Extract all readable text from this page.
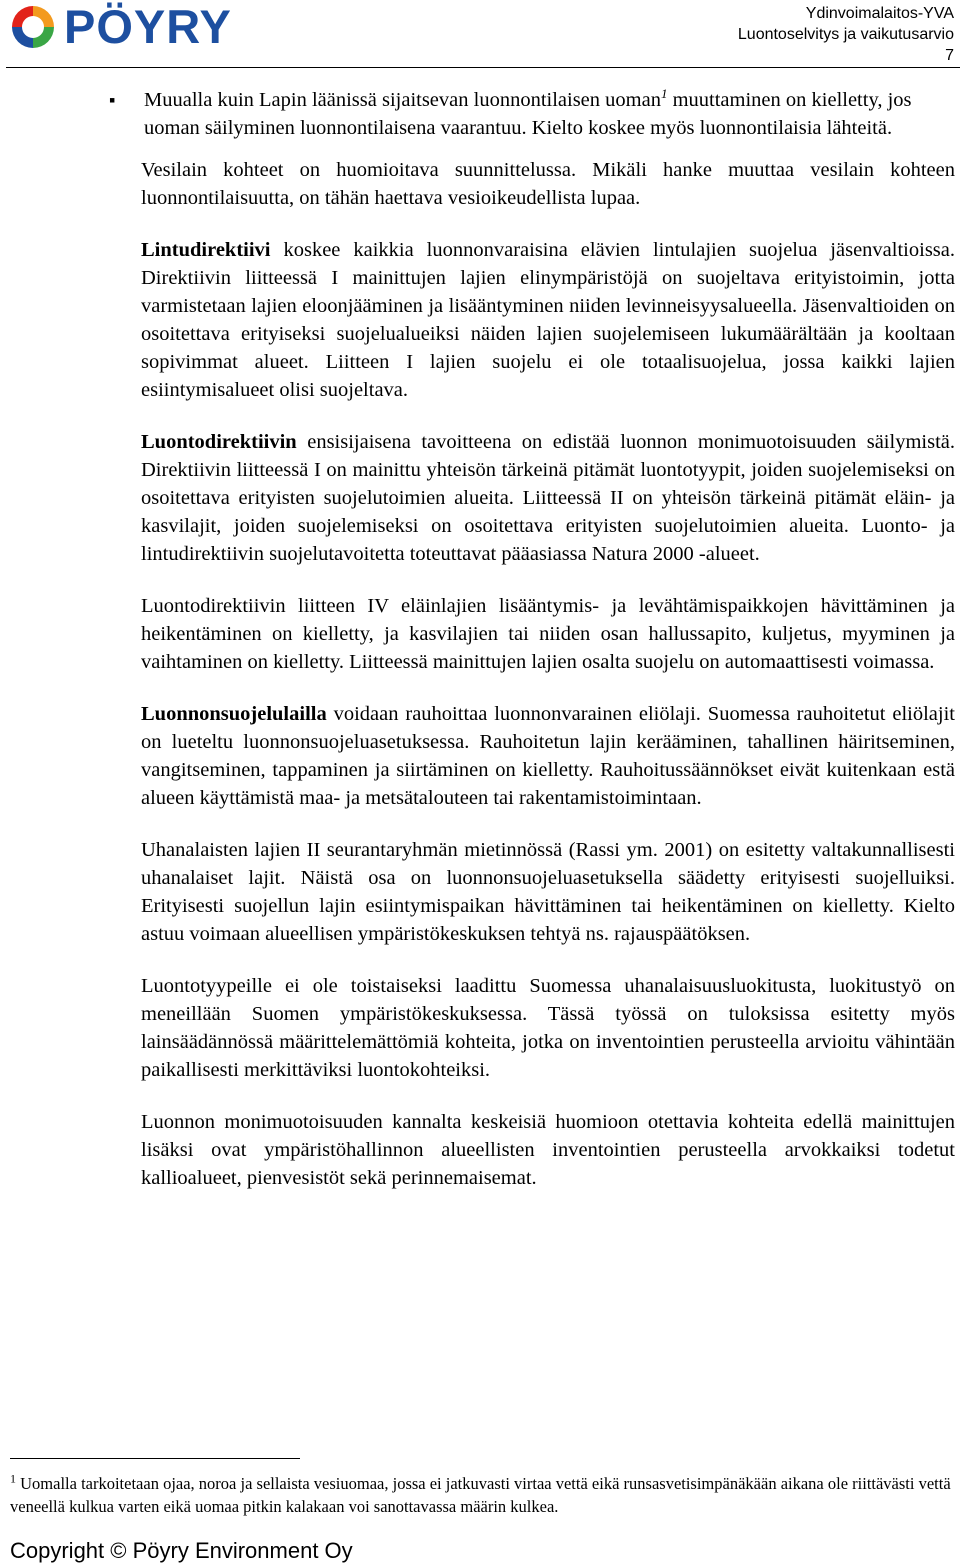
PÖYRY	Ydinvoimalaitos-YVA
Luontoselvitys ja vaikutusarvio
7
▪ Muualla kuin Lapin läänissä sijaitsevan luonnontilaisen uoman$^1$ muuttaminen on kielletty, jos uoman säilyminen luonnontilaisena vaarantuu. Kielto koskee myös luonnontilaisia lähteitä.

Vesilain kohteet on huomioitava suunnittelussa. Mikäli hanke muuttaa vesilain kohteen luonnontilaisuutta, on tähän haettava vesioikeudellista lupaa.

Lintudirektiivi koskee kaikkia luonnonvaraisina elävien lintulajien suojelua jäsenvaltioissa. Direktiivin liitteessä I mainittujen lajien elinympäristöjä on suojeltava erityistoimin, jotta varmistetaan lajien eloonjääminen ja lisääntyminen niiden levinneisyysalueella. Jäsenvaltioiden on osoitettava erityiseksi suojelualueiksi näiden lajien suojelemiseen lukumäärältään ja kooltaan sopivimmat alueet. Liitteen I lajien suojelu ei ole totaalisuojelua, jossa kaikki lajien esiintymisalueet olisi suojeltava.

Luontodirektiivin ensisijaisena tavoitteena on edistää luonnon monimuotoisuuden säilymistä. Direktiivin liitteessä I on mainittu yhteisön tärkeinä pitämät luontotyypit, joiden suojelemiseksi on osoitettava erityisten suojelutoimien alueita. Liitteessä II on yhteisön tärkeinä pitämät eläin- ja kasvilajit, joiden suojelemiseksi on osoitettava erityisten suojelutoimien alueita. Luonto- ja lintudirektiivin suojelutavoitetta toteuttavat pääasiassa Natura 2000 -alueet.

Luontodirektiivin liitteen IV eläinlajien lisääntymis- ja levähtämispaikkojen hävittäminen ja heikentäminen on kielletty, ja kasvilajien tai niiden osan hallussapito, kuljetus, myyminen ja vaihtaminen on kielletty. Liitteessä mainittujen lajien osalta suojelu on automaattisesti voimassa.

Luonnonsuojelulailla voidaan rauhoittaa luonnonvarainen eliölaji. Suomessa rauhoitetut eliölajit on lueteltu luonnonsuojeluasetuksessa. Rauhoitetun lajin kerääminen, tahallinen häiritseminen, vangitseminen, tappaminen ja siirtäminen on kielletty. Rauhoitussäännökset eivät kuitenkaan estä alueen käyttämistä maa- ja metsätalouteen tai rakentamistoimintaan.

Uhanalaisten lajien II seurantaryhmän mietinnössä (Rassi ym. 2001) on esitetty valtakunnallisesti uhanalaiset lajit. Näistä osa on luonnonsuojeluasetuksella säädetty erityisesti suojelluiksi. Erityisesti suojellun lajin esiintymispaikan hävittäminen tai heikentäminen on kielletty. Kielto astuu voimaan alueellisen ympäristökeskuksen tehtyä ns. rajauspäätöksen.

Luontotyypeille ei ole toistaiseksi laadittu Suomessa uhanalaisuusluokitusta, luokitustyö on meneillään Suomen ympäristökeskuksessa. Tässä työssä on tuloksissa esitetty myös lainsäädännössä määrittelemättömiä kohteita, jotka on inventointien perusteella arvioitu vähintään paikallisesti merkittäviksi luontokohteiksi.

Luonnon monimuotoisuuden kannalta keskeisiä huomioon otettavia kohteita edellä mainittujen lisäksi ovat ympäristöhallinnon alueellisten inventointien perusteella arvokkaiksi todetut kallioalueet, pienvesistöt sekä perinnemaisemat.

$^1$ Uomalla tarkoitetaan ojaa, noroa ja sellaista vesiuomaa, jossa ei jatkuvasti virtaa vettä eikä runsasvetisimpänäkään aikana ole riittävästi vettä veneellä kulkua varten eikä uomaa pitkin kalakaan voi sanottavassa määrin kulkea.
Copyright © Pöyry Environment Oy
